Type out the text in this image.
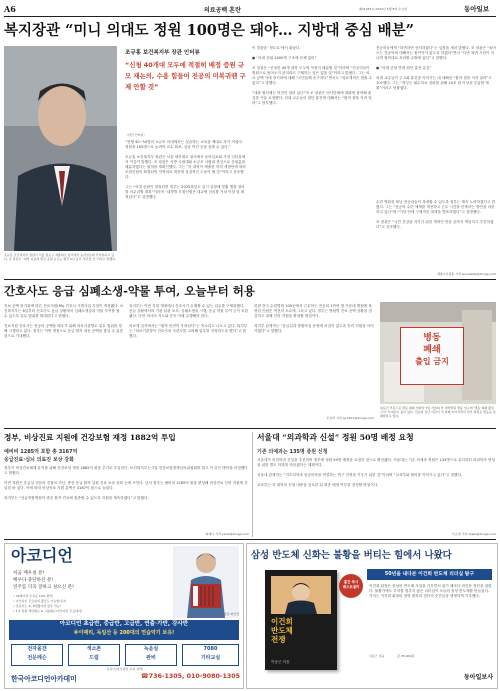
A6	의료공백 혼란	제31952호 2024년 5월 8일 수요일	동아일보
복지장관 “미니 의대도 정원 100명은 돼야… 지방대 중심 배분”
조규홍 보건복지부 장관이 서울 종로구 세종대로 청사에서 동아일보와 인터뷰하고 있다. 조 장관은 “대학 자율에 맡긴 증원 규모는 향후 5년 동안 추진할 것”이라고 말했다.
조규홍 보건복지부 장관 인터뷰
“신청 40개대 모두에 적절히 배정 증원 규모 재논의, 수용 힘들어 전공의 미복귀땐 구제 안할 것”
〈관련 인터뷰〉
“현행 40~50명의 소규모 의대에서는 실습하는 교육을 제대로 하기 어렵다. 정원을 100명으로 늘려야 교수 확보, 실습 여건 등을 갖출 수 있다.”

조규홍 보건복지부 장관은 서울 세종대로 청사에서 동아일보와 가진 인터뷰에서 이같이 말했다. 조 장관은 지방 국립대와 소규모 사립대 중심으로 증원분을 배분하겠다는 원칙을 재확인했다. 그는 “각 대학이 제출한 학칙 개정안에 따라 모집인원이 확정되면 지역의료 개선에 실질적인 도움이 될 것”이라고 강조했다.

그는 “의대 증원이 결정되면 정부는 2025학년도 입시 일정에 맞춰 행정 절차를 마무리할 계획”이라며 “대학별 모집인원은 대교협 심의를 거쳐 이달 말 확정된다”고 설명했다.
이 말씀을 ‘정도로’에서 떠났다.

● “의대 증원 2000명 구조에 문제 없어”

조 장관은 “신청한 40개 대학 모두에 적절히 배분할 것”이라며 “전공의들이 병원으로 돌아오지 않더라도 구제하는 일은 없을 것”이라고 밝혔다. 그는 의료 공백 사태 장기화에 대해 “국민들께 송구하다”면서도 “의료개혁은 멈출 수 없다”고 말했다.

“대화 협의체는 여전히 열려 있다”며 조 장관은 의사단체에 대화에 참여해 줄 것을 거듭 요청했다. 의대 교수들의 집단 휴진에 대해서는 “환자 곁을 지켜 달라”고 당부했다.
전공의들에게 “복귀하면 선처하겠다”는 입장을 재차 밝혔다. 조 장관은 “돌아오는 전공의에 대해서는 불이익이 없도록 하겠다”면서 “다만 복귀 시한이 지나면 원칙대로 처리할 수밖에 없다”고 말했다.

● “의대 증원 반대 집단 휴진 유감”

의대 교수들이 주 1회 휴진을 이어가는 데 대해선 “환자 곁을 지켜 달라”고 호소했다. 그는 “정부는 필수의료 강화를 위해 10조 원 이상을 투입할 계획”이라고 덧붙였다.
수련 병원을 떠난 전공의들이 복귀할 수 있도록 정부는 계속 노력하겠다고 밝혔다. 그는 “전공의 수련 체계를 개선하고 근무 시간을 단축하는 방안을 마련하고 있다”며 “이달 안에 구체적인 대책을 발표하겠다”고 설명했다.

조 장관은 “국민 건강을 지키기 위한 개혁인 만큼 끝까지 책임지고 추진하겠다”고 강조했다.
세종=이정훈 기자 sunshade@donga.com
간호사도 응급 심폐소생-약물 투여, 오늘부터 허용
진료 공백 장기화에 따른 진료지원(PA) 간호사 시범사업 지침이 개정됐다. 보건복지부는 8일부터 간호사도 응급 상황에서 심폐소생술과 약물 투여를 할 수 있도록 업무 범위를 확대한다고 밝혔다.

진료지원 간호사는 전공의 공백을 메우기 위해 의료기관별로 업무 범위를 정해 시행하고 있다. 정부는 이번 개정으로 응급 환자 대응 공백을 줄일 수 있을 것으로 기대했다.
복지부는 이번 지침 개정에서 간호사가 수행할 수 있는 업무를 구체화했다. 응급 상황에서의 기관 삽관 보조, 심폐소생술 시행, 응급 약물 투여 등이 포함됐다. 다만 의사의 지도와 감독 아래 수행해야 한다.

의료계 일각에서는 “환자 안전이 우려된다”는 목소리도 나오고 있다. 복지부는 “의료기관장이 간호사의 숙련도를 고려해 업무를 지정하도록 했다”고 밝혔다.
한편 전국 수련병원 100곳에서 근무하는 전공의 1만여 명 가운데 병원에 복귀한 인원은 여전히 소수에 그치고 있다. 정부는 병원별 진료 공백 상황을 점검하고 대체 인력 지원을 확대할 방침이다.

복지부 관계자는 “응급실과 중환자실 운영에 차질이 없도록 인력 지원을 이어가겠다”고 말했다.
조유라 기자 jyr0101@donga.com
병동
폐쇄
출입 금지
의료진 부족으로 병동 폐쇄 잇따라 7일 서울의 한 대학병원 병동 입구에 ‘병동 폐쇄 출입 금지’ 안내문이 붙어 있다. 전공의 집단 이탈이 석 달째 이어지면서 일부 병원은 병동을 통폐합하고 있다.
정부, 비상진료 지원에 건강보험 재정 1882억 투입
예비비 1285억 포함 총 3167억
응급진료·심뇌 의료진 보상 강화
정부가 비상진료체계 유지를 위해 건강보험 재정 1882억 원을 추가로 투입한다. 보건복지부는 7일 건강보험정책심의위원회를 열고 이 같은 방안을 의결했다고 밝혔다.

이번 지원은 응급실 전문의 진찰료 가산, 중증·응급 환자 입원 진료 보상 강화 등에 쓰인다. 앞서 정부는 예비비 1285억 원을 편성해 비상진료 인력 지원에 투입한 바 있다. 이에 따라 비상진료 지원 총액은 3167억 원으로 늘었다.

복지부는 “상급종합병원이 중증 환자 진료에 집중할 수 있도록 지원을 계속하겠다”고 밝혔다.
최예나 기자 yena@donga.com
서울대 “의과학과 신설” 정원 50명 배정 요청
기존 의예과는 135명 증원 신청
서울대가 의과학과 신설을 추진하며 정부에 정원 50명 배정을 요청한 것으로 확인됐다. 서울대는 기존 의예과 정원은 135명으로 유지하되 의과학자 양성을 위한 별도 학과를 만들겠다는 계획이다.

서울대 관계자는 “기초의학과 임상의학을 연결하는 연구 인력을 키우기 위한 것”이라며 “교육부와 협의를 이어가고 있다”고 말했다.

교육부는 각 대학의 신청 내용을 검토한 뒤 최종 배정 여부를 결정할 방침이다.
이소정 기자 sojee@donga.com
아코디언
처음 배우실 분!
배우다 중단하신 분!
연주를 더욱 잘하고 싶으신 분!
• 30세이상 수강료 10% 할인!
• 아코디언 무료대여 출강도 가능합니다!
• 초보자도 3~6개월이면 연주 가능!
• 1:1 맞춤 개인레슨 & 그룹레슨(아코디언 무료대여)
원장 최인선
아코디언 초급반, 중급반, 고급반, 연출·가반, 강사반
※이때리, 독일산 등 200대의 연습악기 보유!
전자올갠
전문레슨
색소폰
드럼
녹음실
완비
7080
기타교실
- 유튜브(아코디언 교실 검색) -
한국아코디언아카데미	☎736-1305, 010-9080-1305
삼성 반도체 신화는 불황을 버티는 힘에서 나왔다
50년을 내다본 이건희 반도체 리더십 탐구
이건희
반도체
전쟁
이동근 지음
출간 즉시
베스트셀러	이건희 회장은 삼성의 반도체 사업을 키우면서 위기 때마다 과감한 결단을 내렸다. 불황기에도 투자를 멈추지 않은 리더십이 오늘의 삼성 반도체를 만들었다. 저자는 이건희 회장의 경영 철학과 결단의 순간들을 생생하게 기록했다.
이동근 지음	값 25,000원
동아일보사
